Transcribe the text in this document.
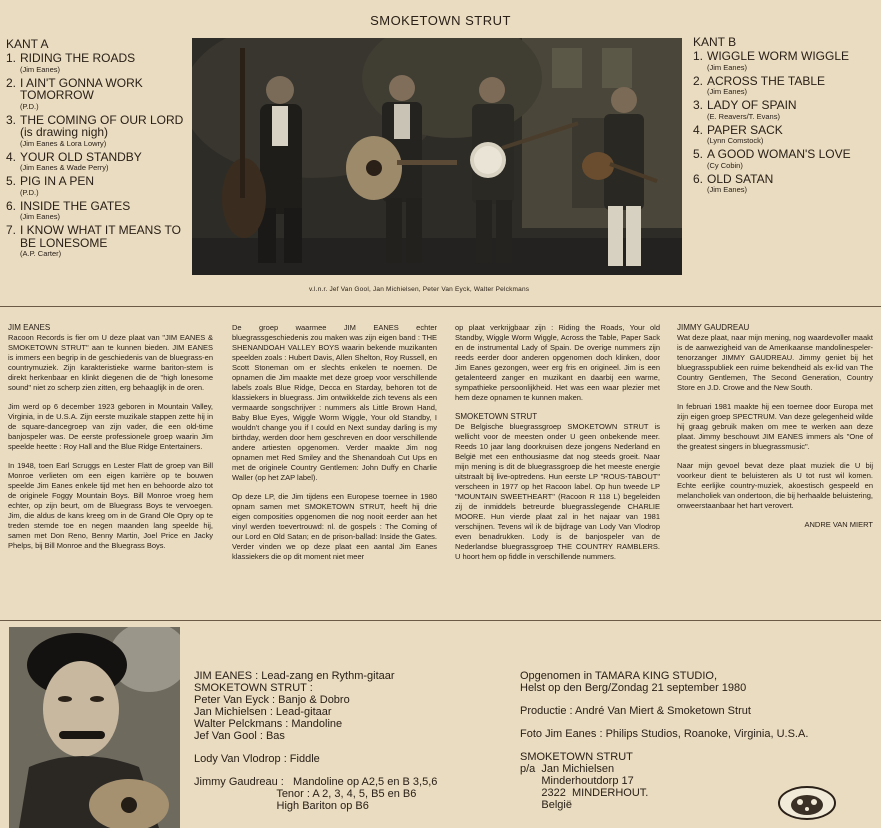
SMOKETOWN STRUT
KANT A
1. RIDING THE ROADS
(Jim Eanes)
2. I AIN'T GONNA WORK
TOMORROW
(P.D.)
3. THE COMING OF OUR LORD
(is drawing nigh)
(Jim Eanes & Lora Lowry)
4. YOUR OLD STANDBY
(Jim Eanes & Wade Perry)
5. PIG IN A PEN
(P.D.)
6. INSIDE THE GATES
(Jim Eanes)
7. I KNOW WHAT IT MEANS TO
BE LONESOME
(A.P. Carter)
KANT B
1. WIGGLE WORM WIGGLE
(Jim Eanes)
2. ACROSS THE TABLE
(Jim Eanes)
3. LADY OF SPAIN
(E. Reavers/T. Evans)
4. PAPER SACK
(Lynn Comstock)
5. A GOOD WOMAN'S LOVE
(Cy Cobin)
6. OLD SATAN
(Jim Eanes)
v.l.n.r. Jef Van Gool, Jan Michielsen, Peter Van Eyck, Walter Pelckmans

JIM EANES

Racoon Records is fier om U deze plaat van "JIM EANES & SMOKETOWN STRUT" aan te kunnen bieden. JIM EANES is immers een begrip in de geschiedenis van de bluegrass-en countrymuziek. Zijn karakteristieke warme bariton-stem is direkt herkenbaar en klinkt diegenen die de "high lonesome sound" niet zo scherp zien zitten, erg behaaglijk in de oren.

Jim werd op 6 december 1923 geboren in Mountain Valley, Virginia, in de U.S.A. Zijn eerste muzikale stappen zette hij in de square-dancegroep van zijn vader, die een old-time banjospeler was. De eerste professionele groep waarin Jim speelde heette : Roy Hall and the Blue Ridge Entertainers.

In 1948, toen Earl Scruggs en Lester Flatt de groep van Bill Monroe verlieten om een eigen karrière op te bouwen speelde Jim Eanes enkele tijd met hen en behoorde alzo tot de originele Foggy Mountain Boys. Bill Monroe vroeg hem echter, op zijn beurt, om de Bluegrass Boys te vervoegen. Jim, die aldus de kans kreeg om in de Grand Ole Opry op te treden stemde toe en negen maanden lang speelde hij, samen met Don Reno, Benny Martin, Joel Price en Jacky Phelps, bij Bill Monroe and the Bluegrass Boys.

De groep waarmee JIM EANES echter bluegrassgeschiedenis zou maken was zijn eigen band : THE SHENANDOAH VALLEY BOYS waarin bekende muzikanten speelden zoals : Hubert Davis, Allen Shelton, Roy Russell, en Scott Stoneman om er slechts enkelen te noemen. De opnamen die Jim maakte met deze groep voor verschillende labels zoals Blue Ridge, Decca en Starday, behoren tot de klassiekers in bluegrass. Jim ontwikkelde zich tevens als een vermaarde songschrijver : nummers als Little Brown Hand, Baby Blue Eyes, Wiggle Worm Wiggle, Your old Standby, I wouldn't change you if I could en Next sunday darling is my birthday, werden door hem geschreven en door verschillende andere artiesten opgenomen. Verder maakte Jim nog opnamen met Red Smiley and the Shenandoah Cut Ups en met de originele Country Gentlemen: John Duffy en Charlie Waller (op het ZAP label).

Op deze LP, die Jim tijdens een Europese toernee in 1980 opnam samen met SMOKETOWN STRUT, heeft hij drie eigen composities opgenomen die nog nooit eerder aan het vinyl werden toevertrouwd: nl. de gospels : The Coming of our Lord en Old Satan; en de prison-ballad: Inside the Gates. Verder vinden we op deze plaat een aantal Jim Eanes klassiekers die op dit moment niet meer

op plaat verkrijgbaar zijn : Riding the Roads, Your old Standby, Wiggle Worm Wiggle, Across the Table, Paper Sack en de instrumental Lady of Spain. De overige nummers zijn reeds eerder door anderen opgenomen doch klinken, door Jim Eanes gezongen, weer erg fris en origineel. Jim is een getalenteerd zanger en muzikant en daarbij een warme, sympathieke persoonlijkheid. Het was een waar plezier met hem deze opnamen te kunnen maken.

SMOKETOWN STRUT

De Belgische bluegrassgroep SMOKETOWN STRUT is wellicht voor de meesten onder U geen onbekende meer. Reeds 10 jaar lang doorkruisen deze jongens Nederland en België met een enthousiasme dat nog steeds groeit. Naar mijn mening is dit de bluegrassgroep die het meeste energie uitstraalt bij live-optredens. Hun eerste LP "ROUS-TABOUT" verscheen in 1977 op het Racoon label. Op hun tweede LP "MOUNTAIN SWEETHEART" (Racoon R 118 L) begeleiden zij de inmiddels betreurde bluegrasslegende CHARLIE MOORE. Hun vierde plaat zal in het najaar van 1981 verschijnen. Tevens wil ik de bijdrage van Lody Van Vlodrop even benadrukken. Lody is de banjospeler van de Nederlandse bluegrassgroep THE COUNTRY RAMBLERS. U hoort hem op fiddle in verschillende nummers.

JIMMY GAUDREAU

Wat deze plaat, naar mijn mening, nog waardevoller maakt is de aanwezigheid van de Amerikaanse mandolinespeler-tenorzanger JIMMY GAUDREAU. Jimmy geniet bij het bluegrasspubliek een ruime bekendheid als ex-lid van The Country Gentlemen, The Second Generation, Country Store en J.D. Crowe and the New South.

In februari 1981 maakte hij een toernee door Europa met zijn eigen groep SPECTRUM. Van deze gelegenheid wilde hij graag gebruik maken om mee te werken aan deze plaat. Jimmy beschouwt JIM EANES immers als "One of the greatest singers in bluegrassmusic".

Naar mijn gevoel bevat deze plaat muziek die U bij voorkeur dient te beluisteren als U tot rust wil komen. Echte eerlijke country-muziek, akoestisch gespeeld en melancholiek van ondertoon, die bij herhaalde beluistering, onweerstaanbaar het hart verovert.

ANDRE VAN MIERT
JIM EANES : Lead-zang en Rythm-gitaar
SMOKETOWN STRUT :
Peter Van Eyck : Banjo & Dobro
Jan Michielsen : Lead-gitaar
Walter Pelckmans : Mandoline
Jef Van Gool : Bas
Lody Van Vlodrop : Fiddle
Jimmy Gaudreau :   Mandoline op A2,5 en B 3,5,6
Tenor : A 2, 3, 4, 5, B5 en B6
High Bariton op B6
Opgenomen in TAMARA KING STUDIO,
Helst op den Berg/Zondag 21 september 1980
Productie : André Van Miert & Smoketown Strut
Foto Jim Eanes : Philips Studios, Roanoke, Virginia, U.S.A.
SMOKETOWN STRUT
p/a  Jan Michielsen
Minderhoutdorp 17
2322  MINDERHOUT.
België
